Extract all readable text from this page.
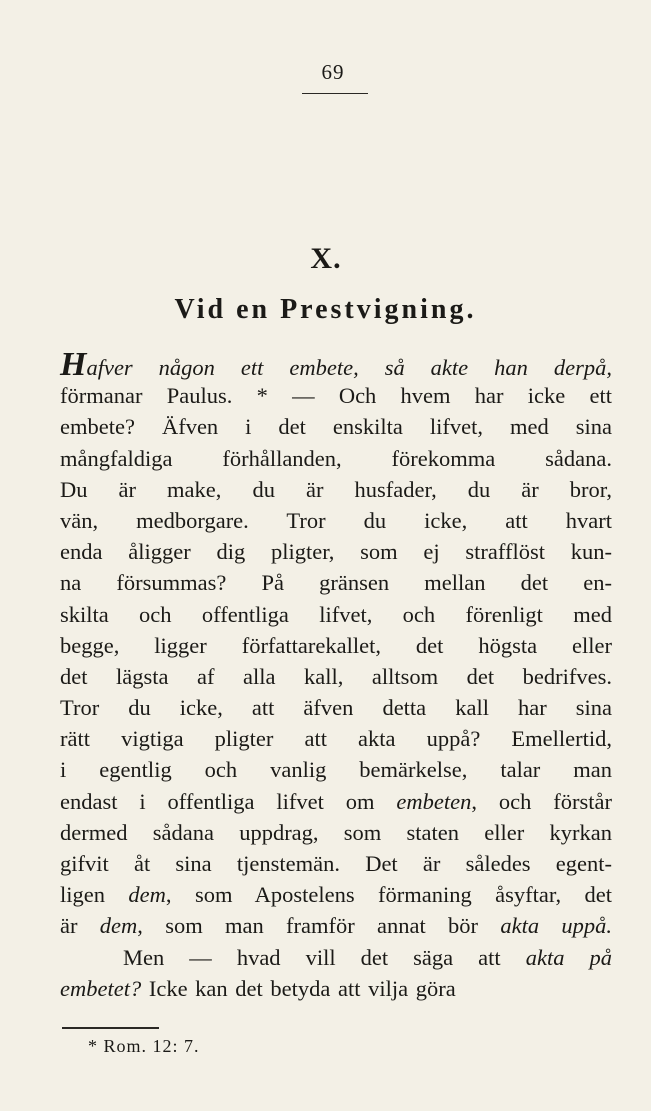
69
X.
Vid en Prestvigning.
Hafver någon ett embete, så akte han derpå,
förmanar Paulus. * — Och hvem har icke ett
embete? Äfven i det enskilta lifvet, med sina
mångfaldiga förhållanden, förekomma sådana.
Du är make, du är husfader, du är bror,
vän, medborgare. Tror du icke, att hvart
enda åligger dig pligter, som ej strafflöst kun-
na försummas? På gränsen mellan det en-
skilta och offentliga lifvet, och förenligt med
begge, ligger författarekallet, det högsta eller
det lägsta af alla kall, alltsom det bedrifves.
Tror du icke, att äfven detta kall har sina
rätt vigtiga pligter att akta uppå? Emellertid,
i egentlig och vanlig bemärkelse, talar man
endast i offentliga lifvet om embeten, och förstår
dermed sådana uppdrag, som staten eller kyrkan
gifvit åt sina tjenstemän. Det är således egent-
ligen dem, som Apostelens förmaning åsyftar, det
är dem, som man framför annat bör akta uppå.
Men — hvad vill det säga att akta på
embetet? Icke kan det betyda att vilja göra
* Rom. 12: 7.
